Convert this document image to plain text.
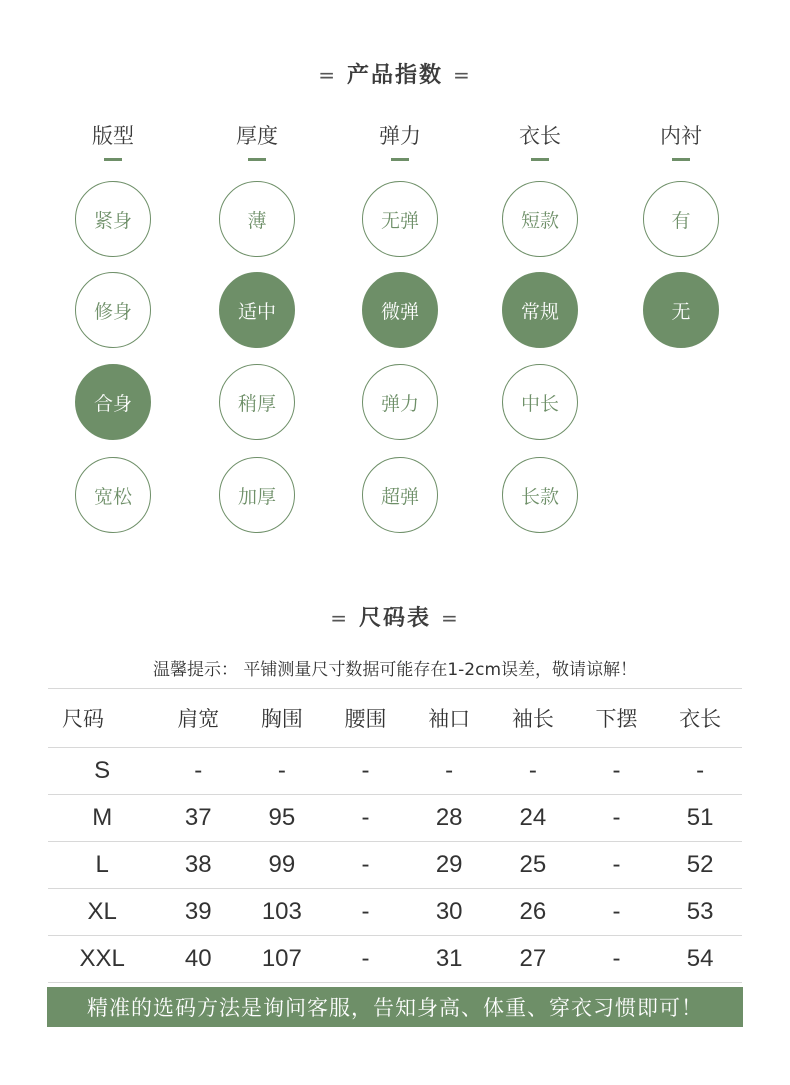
= 产品指数 =
版型
紧身
修身
合身
宽松
厚度
薄
适中
稍厚
加厚
弹力
无弹
微弹
弹力
超弹
衣长
短款
常规
中长
长款
内衬
有
无
= 尺码表 =
温馨提示： 平铺测量尺寸数据可能存在1-2cm误差，敬请谅解！
尺码	肩宽	胸围	腰围	袖口	袖长	下摆	衣长
S	-	-	-	-	-	-	-
M	37	95	-	28	24	-	51
L	38	99	-	29	25	-	52
XL	39	103	-	30	26	-	53
XXL	40	107	-	31	27	-	54
精准的选码方法是询问客服，告知身高、体重、穿衣习惯即可！
